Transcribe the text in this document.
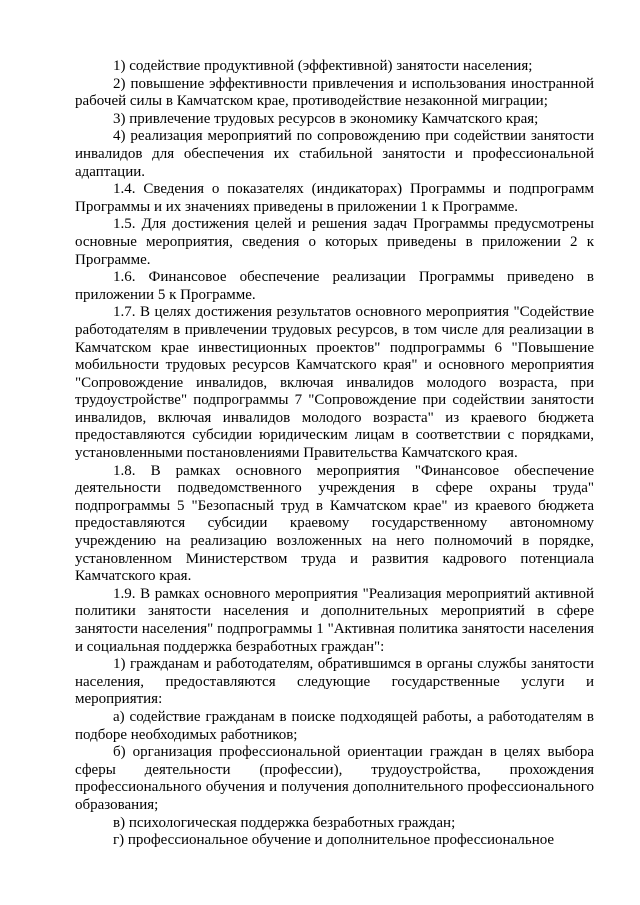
1) содействие продуктивной (эффективной) занятости населения;

2) повышение эффективности привлечения и использования иностранной рабочей силы в Камчатском крае, противодействие незаконной миграции;

3) привлечение трудовых ресурсов в экономику Камчатского края;

4) реализация мероприятий по сопровождению при содействии занятости инвалидов для обеспечения их стабильной занятости и профессиональной адаптации.

1.4. Сведения о показателях (индикаторах) Программы и подпрограмм Программы и их значениях приведены в приложении 1 к Программе.

1.5. Для достижения целей и решения задач Программы предусмотрены основные мероприятия, сведения о которых приведены в приложении 2 к Программе.

1.6. Финансовое обеспечение реализации Программы приведено в приложении 5 к Программе.

1.7. В целях достижения результатов основного мероприятия "Содействие работодателям в привлечении трудовых ресурсов, в том числе для реализации в Камчатском крае инвестиционных проектов" подпрограммы 6 "Повышение мобильности трудовых ресурсов Камчатского края" и основного мероприятия "Сопровождение инвалидов, включая инвалидов молодого возраста, при трудоустройстве" подпрограммы 7 "Сопровождение при содействии занятости инвалидов, включая инвалидов молодого возраста" из краевого бюджета предоставляются субсидии юридическим лицам в соответствии с порядками, установленными постановлениями Правительства Камчатского края.

1.8. В рамках основного мероприятия "Финансовое обеспечение деятельности подведомственного учреждения в сфере охраны труда" подпрограммы 5 "Безопасный труд в Камчатском крае" из краевого бюджета предоставляются субсидии краевому государственному автономному учреждению на реализацию возложенных на него полномочий в порядке, установленном Министерством труда и развития кадрового потенциала Камчатского края.

1.9. В рамках основного мероприятия "Реализация мероприятий активной политики занятости населения и дополнительных мероприятий в сфере занятости населения" подпрограммы 1 "Активная политика занятости населения и социальная поддержка безработных граждан":

1) гражданам и работодателям, обратившимся в органы службы занятости населения, предоставляются следующие государственные услуги и мероприятия:

а) содействие гражданам в поиске подходящей работы, а работодателям в подборе необходимых работников;

б) организация профессиональной ориентации граждан в целях выбора сферы деятельности (профессии), трудоустройства, прохождения профессионального обучения и получения дополнительного профессионального образования;

в) психологическая поддержка безработных граждан;

г) профессиональное обучение и дополнительное профессиональное
